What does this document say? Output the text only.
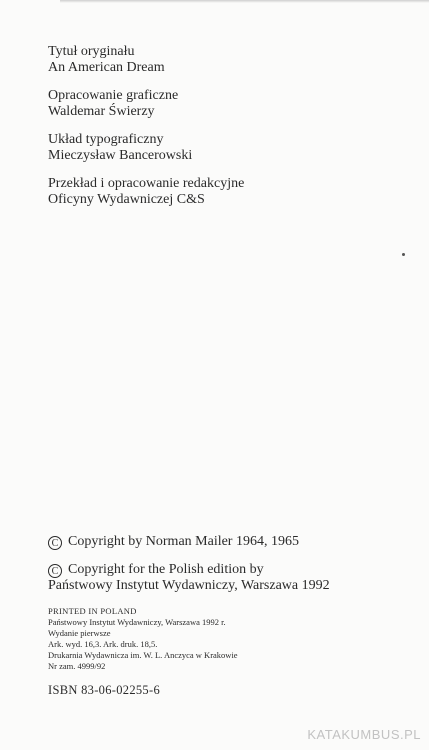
Tytuł oryginału
An American Dream
Opracowanie graficzne
Waldemar Świerzy
Układ typograficzny
Mieczysław Bancerowski
Przekład i opracowanie redakcyjne
Oficyny Wydawniczej C&S
C Copyright by Norman Mailer 1964, 1965
C Copyright for the Polish edition by
Państwowy Instytut Wydawniczy, Warszawa 1992
PRINTED IN POLAND
Państwowy Instytut Wydawniczy, Warszawa 1992 r.
Wydanie pierwsze
Ark. wyd. 16,3. Ark. druk. 18,5.
Drukarnia Wydawnicza im. W. L. Anczyca w Krakowie
Nr zam. 4999/92
ISBN 83-06-02255-6
KATAKUMBUS.PL
